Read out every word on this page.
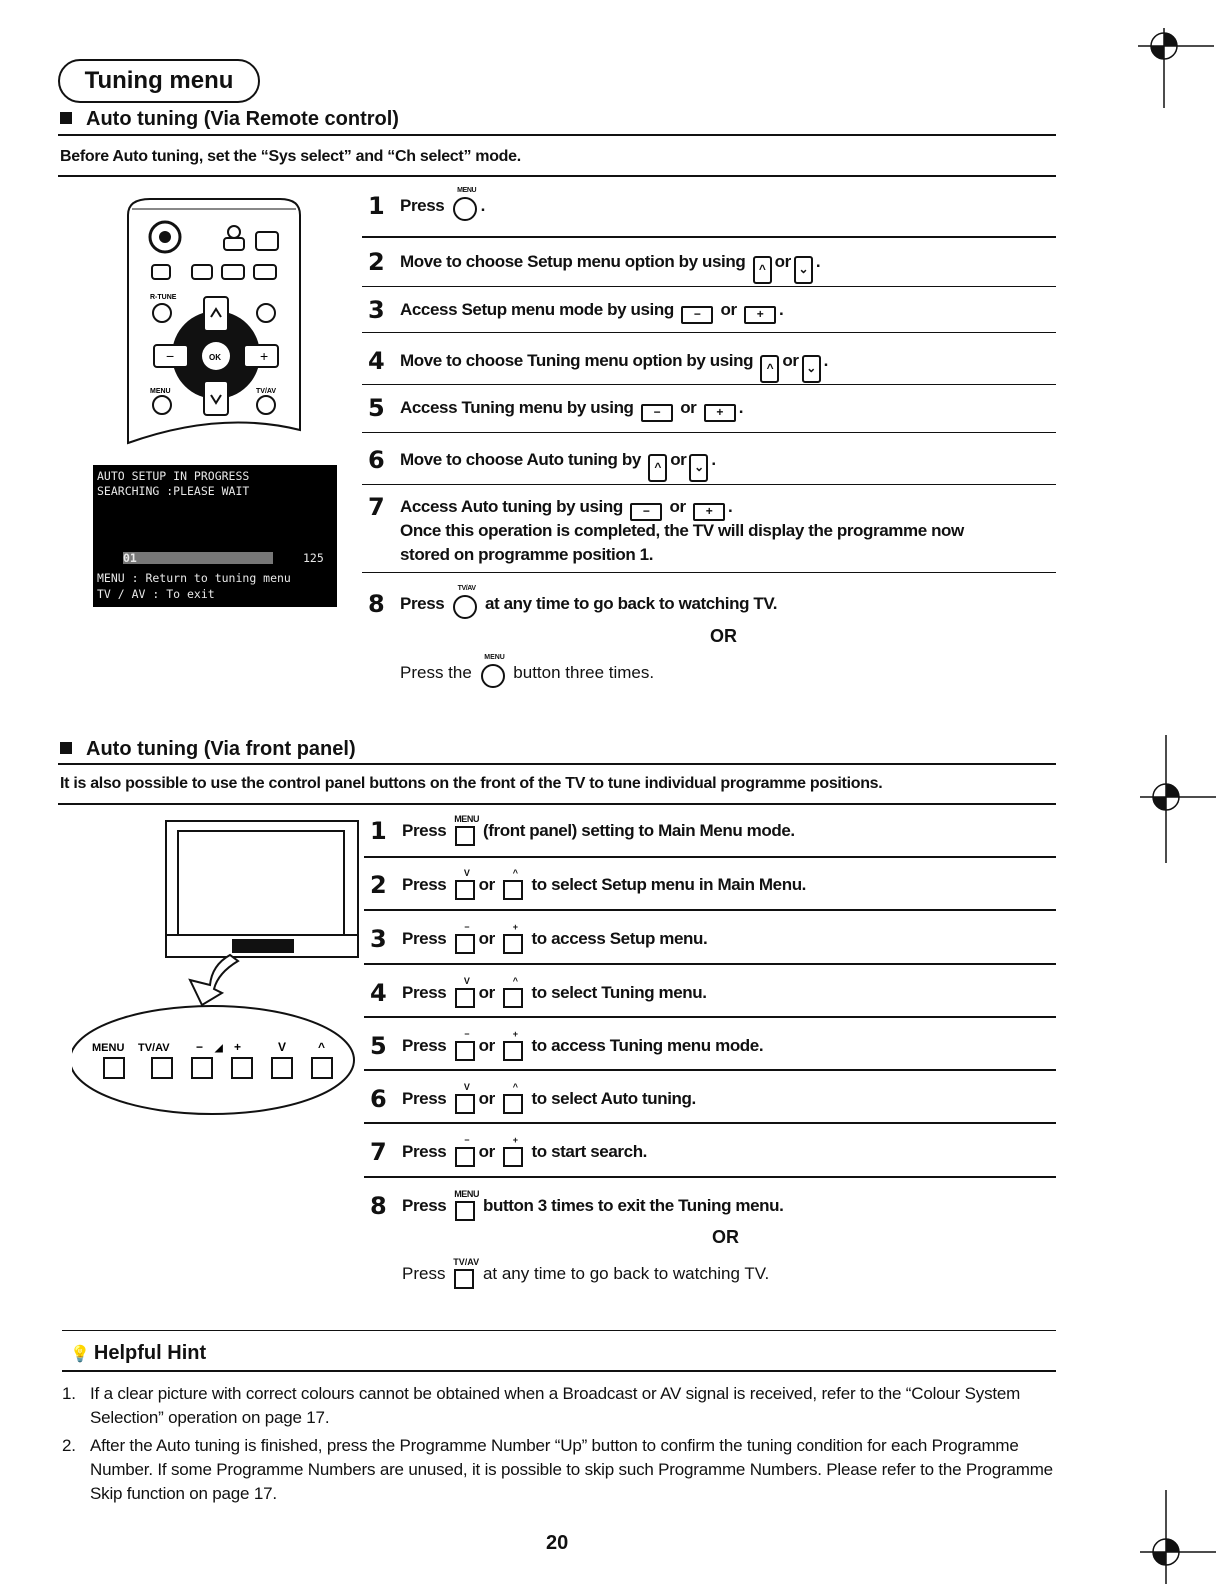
Tuning menu
Auto tuning (Via Remote control)
Before Auto tuning, set the “Sys select” and “Ch select” mode.
R-TUNE
−	+
OK
MENU	TV/AV
AUTO SETUP IN PROGRESS
SEARCHING :PLEASE WAIT
01	125
MENU : Return to tuning menu
TV / AV : To exit
1 Press
MENU
.
2 Move to choose Setup menu option by using ^ or ⌄ .
3 Access Setup menu mode by using − or + .
4 Move to choose Tuning menu option by using ^ or ⌄ .
5 Access Tuning menu by using − or + .
6 Move to choose Auto tuning by ^ or ⌄ .
7 Access Auto tuning by using − or + .
Once this operation is completed, the TV will display the programme now
stored on programme position 1.
8 Press
TV/AV
at any time to go back to watching TV.
OR
Press the
MENU
button three times.
Auto tuning (Via front panel)
It is also possible to use the control panel buttons on the front of the TV to tune individual programme positions.
MENU TV/AV − ◢ +	V	^
1 Press
MENU
(front panel) setting to Main Menu mode.
2 Press
V
or
^
to select Setup menu in Main Menu.
3 Press
−
or
+
to access Setup menu.
4 Press
V
or
^
to select Tuning menu.
5 Press
−
or
+
to access Tuning menu mode.
6 Press
V
or
^
to select Auto tuning.
7 Press
−
or
+
to start search.
8 Press
MENU
button 3 times to exit the Tuning menu.
OR
Press
TV/AV
at any time to go back to watching TV.
💡 Helpful Hint
1. If a clear picture with correct colours cannot be obtained when a Broadcast or AV signal is received, refer to the “Colour System Selection” operation on page 17.
2. After the Auto tuning is finished, press the Programme Number “Up” button to confirm the tuning condition for each Programme Number. If some Programme Numbers are unused, it is possible to skip such Programme Numbers. Please refer to the Programme Skip function on page 17.
20
